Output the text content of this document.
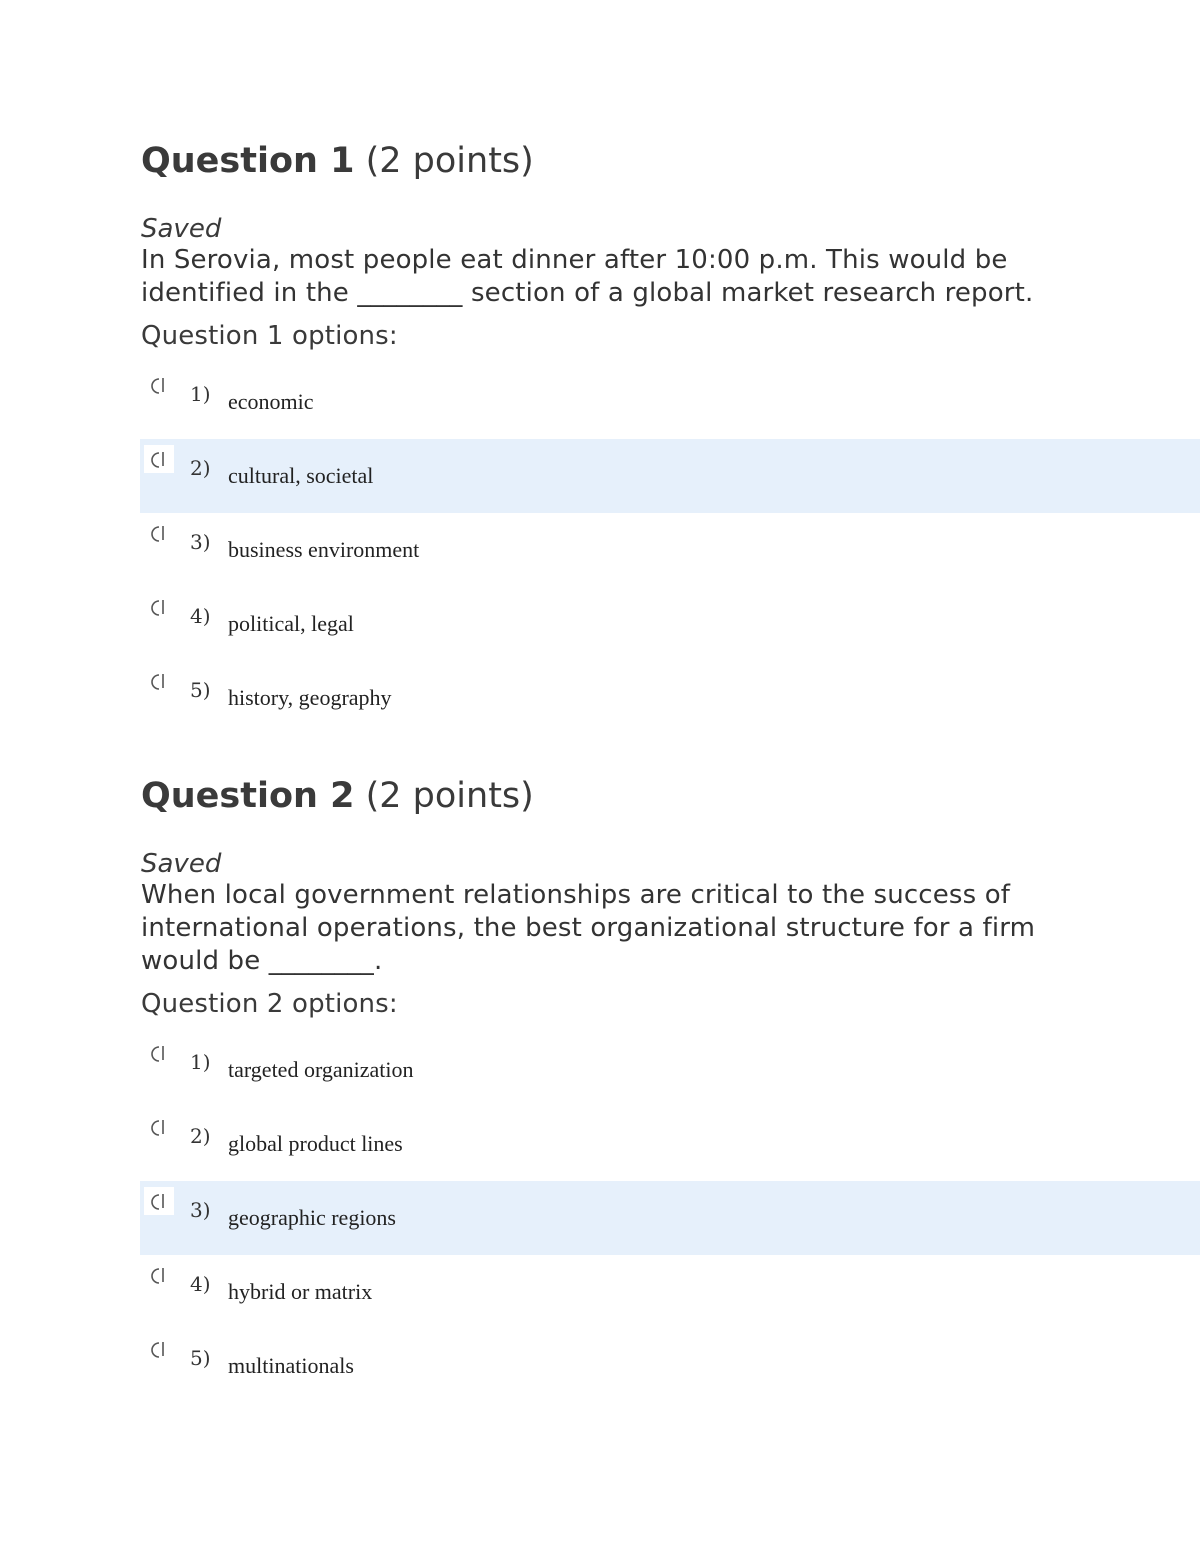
Question 1 (2 points)
Saved
In Serovia, most people eat dinner after 10:00 p.m. This would be identified in the ________ section of a global market research report.
Question 1 options:
1) economic
2) cultural, societal
3) business environment
4) political, legal
5) history, geography
Question 2 (2 points)
Saved
When local government relationships are critical to the success of international operations, the best organizational structure for a firm would be ________.
Question 2 options:
1) targeted organization
2) global product lines
3) geographic regions
4) hybrid or matrix
5) multinationals
